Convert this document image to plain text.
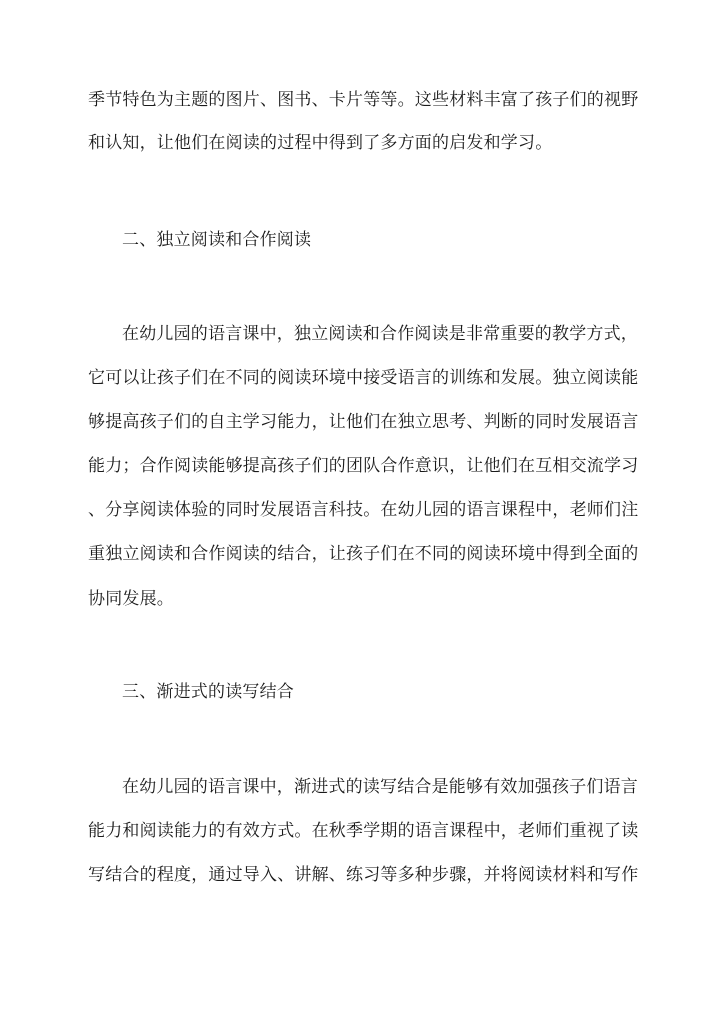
季节特色为主题的图片、图书、卡片等等。这些材料丰富了孩子们的视野
和认知，让他们在阅读的过程中得到了多方面的启发和学习。
二、独立阅读和合作阅读
在幼儿园的语言课中，独立阅读和合作阅读是非常重要的教学方式，
它可以让孩子们在不同的阅读环境中接受语言的训练和发展。独立阅读能
够提高孩子们的自主学习能力，让他们在独立思考、判断的同时发展语言
能力；合作阅读能够提高孩子们的团队合作意识，让他们在互相交流学习
、分享阅读体验的同时发展语言科技。在幼儿园的语言课程中，老师们注
重独立阅读和合作阅读的结合，让孩子们在不同的阅读环境中得到全面的
协同发展。
三、渐进式的读写结合
在幼儿园的语言课中，渐进式的读写结合是能够有效加强孩子们语言
能力和阅读能力的有效方式。在秋季学期的语言课程中，老师们重视了读
写结合的程度，通过导入、讲解、练习等多种步骤，并将阅读材料和写作
